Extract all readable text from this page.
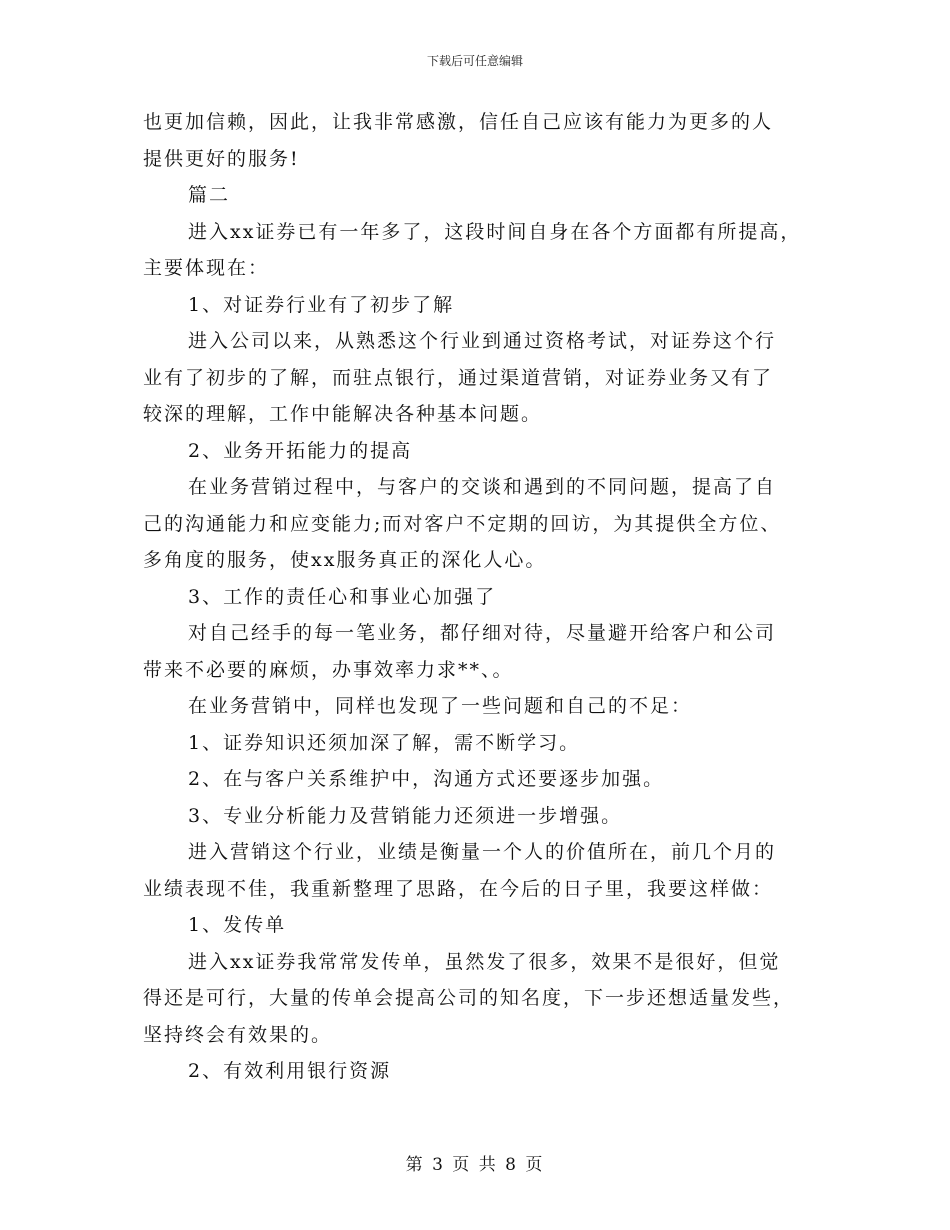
下载后可任意编辑
也更加信赖，因此，让我非常感激，信任自己应该有能力为更多的人
提供更好的服务!
篇二
进入xx证券已有一年多了，这段时间自身在各个方面都有所提高，
主要体现在：
1、对证券行业有了初步了解
进入公司以来，从熟悉这个行业到通过资格考试，对证券这个行
业有了初步的了解，而驻点银行，通过渠道营销，对证券业务又有了
较深的理解，工作中能解决各种基本问题。
2、业务开拓能力的提高
在业务营销过程中，与客户的交谈和遇到的不同问题，提高了自
己的沟通能力和应变能力;而对客户不定期的回访，为其提供全方位、
多角度的服务，使xx服务真正的深化人心。
3、工作的责任心和事业心加强了
对自己经手的每一笔业务，都仔细对待，尽量避开给客户和公司
带来不必要的麻烦，办事效率力求**、。
在业务营销中，同样也发现了一些问题和自己的不足：
1、证券知识还须加深了解，需不断学习。
2、在与客户关系维护中，沟通方式还要逐步加强。
3、专业分析能力及营销能力还须进一步增强。
进入营销这个行业，业绩是衡量一个人的价值所在，前几个月的
业绩表现不佳，我重新整理了思路，在今后的日子里，我要这样做：
1、发传单
进入xx证券我常常发传单，虽然发了很多，效果不是很好，但觉
得还是可行，大量的传单会提高公司的知名度，下一步还想适量发些，
坚持终会有效果的。
2、有效利用银行资源
第 3 页 共 8 页
